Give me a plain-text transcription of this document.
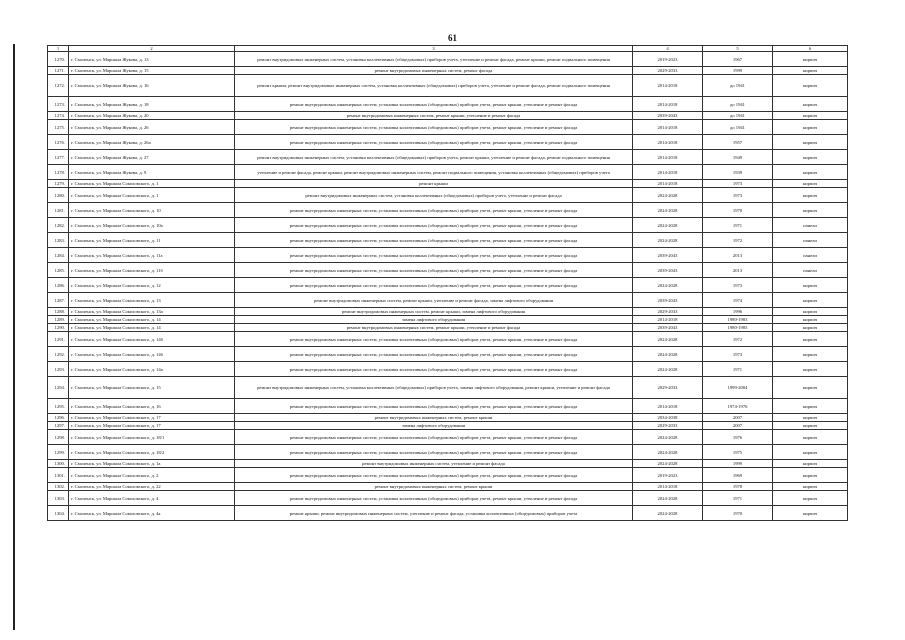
61
1	2	3	4	5	6
1270.	г. Смоленск, ул. Маршала Жукова, д. 13	ремонт внутридомовых инженерных систем, установка коллективных (общедомовых) приборов учета, утепление и ремонт фасада, ремонт крыши, ремонт подвального помещения	2019-2023	1967	кирпич
1271.	г. Смоленск, ул. Маршала Жукова, д. 15	ремонт внутридомовых инженерных систем, ремонт фасада	2029-2033	1999	кирпич
1272.	г. Смоленск, ул. Маршала Жукова, д. 16	ремонт крыши, ремонт внутридомовых инженерных систем, установка коллективных (общедомовых) приборов учета, утепление и ремонт фасада, ремонт подвального помещения	2014-2018	до 1941	кирпич
1273.	г. Смоленск, ул. Маршала Жукова, д. 18	ремонт внутридомовых инженерных систем, установка коллективных (общедомовых) приборов учета, ремонт крыши, утепление и ремонт фасада	2014-2018	до 1941	кирпич
1274.	г. Смоленск, ул. Маршала Жукова, д. 20	ремонт внутридомовых инженерных систем, ремонт крыши, утепление и ремонт фасада	2039-2043	до 1941	кирпич
1275.	г. Смоленск, ул. Маршала Жукова, д. 26	ремонт внутридомовых инженерных систем, установка коллективных (общедомовых) приборов учета, ремонт крыши, утепление и ремонт фасада	2014-2018	до 1941	кирпич
1276.	г. Смоленск, ул. Маршала Жукова, д. 26а	ремонт внутридомовых инженерных систем, установка коллективных (общедомовых) приборов учета, ремонт крыши, утепление и ремонт фасада	2014-2018	1957	кирпич
1277.	г. Смоленск, ул. Маршала Жукова, д. 27	ремонт внутридомовых инженерных систем, установка коллективных (общедомовых) приборов учета, ремонт крыши, утепление и ремонт фасада, ремонт подвального помещения	2014-2018	1949	кирпич
1278.	г. Смоленск, ул. Маршала Жукова, д. 9	утепление и ремонт фасада, ремонт крыши, ремонт внутридомовых инженерных систем, ремонт подвального помещения, установка коллективных (общедомовых) приборов учета	2014-2018	1939	кирпич
1279.	г. Смоленск, ул. Маршала Соколовского, д. 1	ремонт крыши	2014-2018	1973	кирпич
1280.	г. Смоленск, ул. Маршала Соколовского, д. 1	ремонт внутридомовых инженерных систем, установка коллективных (общедомовых) приборов учета, утепление и ремонт фасада	2024-2028	1973	кирпич
1281.	г. Смоленск, ул. Маршала Соколовского, д. 10	ремонт внутридомовых инженерных систем, установка коллективных (общедомовых) приборов учета, ремонт крыши, утепление и ремонт фасада	2024-2028	1970	кирпич
1282.	г. Смоленск, ул. Маршала Соколовского, д. 10а	ремонт внутридомовых инженерных систем, установка коллективных (общедомовых) приборов учета, ремонт крыши, утепление и ремонт фасада	2024-2028	1971	панели
1283.	г. Смоленск, ул. Маршала Соколовского, д. 11	ремонт внутридомовых инженерных систем, установка коллективных (общедомовых) приборов учета, ремонт крыши, утепление и ремонт фасада	2024-2028	1972	панели
1284.	г. Смоленск, ул. Маршала Соколовского, д. 11а	ремонт внутридомовых инженерных систем, установка коллективных (общедомовых) приборов учета, ремонт крыши, утепление и ремонт фасада	2039-2043	2013	панели
1285.	г. Смоленск, ул. Маршала Соколовского, д. 11б	ремонт внутридомовых инженерных систем, установка коллективных (общедомовых) приборов учета, ремонт крыши, утепление и ремонт фасада	2039-2043	2013	панели
1286.	г. Смоленск, ул. Маршала Соколовского, д. 12	ремонт внутридомовых инженерных систем, установка коллективных (общедомовых) приборов учета, ремонт крыши, утепление и ремонт фасада	2024-2028	1973	кирпич
1287.	г. Смоленск, ул. Маршала Соколовского, д. 13	ремонт внутридомовых инженерных систем, ремонт крыши, утепление и ремонт фасада, замена лифтового оборудования	2039-2043	1974	кирпич
1288.	г. Смоленск, ул. Маршала Соколовского, д. 13а	ремонт внутридомовых инженерных систем, ремонт крыши, замена лифтового оборудования	2029-2033	1996	кирпич
1289.	г. Смоленск, ул. Маршала Соколовского, д. 14	замена лифтового оборудования	2014-2018	1980-1983	кирпич
1290.	г. Смоленск, ул. Маршала Соколовского, д. 14	ремонт внутридомовых инженерных систем, ремонт крыши, утепление и ремонт фасада	2039-2043	1980-1983	кирпич
1291.	г. Смоленск, ул. Маршала Соколовского, д. 14б	ремонт внутридомовых инженерных систем, установка коллективных (общедомовых) приборов учета, ремонт крыши, утепление и ремонт фасада	2024-2028	1972	кирпич
1292.	г. Смоленск, ул. Маршала Соколовского, д. 14б	ремонт внутридомовых инженерных систем, установка коллективных (общедомовых) приборов учета, ремонт крыши, утепление и ремонт фасада	2024-2028	1973	кирпич
1293.	г. Смоленск, ул. Маршала Соколовского, д. 14а	ремонт внутридомовых инженерных систем, установка коллективных (общедомовых) приборов учета, ремонт крыши, утепление и ремонт фасада	2024-2028	1971	кирпич
1294.	г. Смоленск, ул. Маршала Соколовского, д. 15	ремонт внутридомовых инженерных систем, установка коллективных (общедомовых) приборов учета, замена лифтового оборудования, ремонт крыши, утепление и ремонт фасада	2029-2033	1999-2004	кирпич
1295.	г. Смоленск, ул. Маршала Соколовского, д. 16	ремонт внутридомовых инженерных систем, установка коллективных (общедомовых) приборов учета, ремонт крыши, утепление и ремонт фасада	2014-2018	1974-1976	кирпич
1296.	г. Смоленск, ул. Маршала Соколовского, д. 17	ремонт внутридомовых инженерных систем, ремонт крыши	2034-2038	2007	кирпич
1297.	г. Смоленск, ул. Маршала Соколовского, д. 17	замена лифтового оборудования	2029-2033	2007	кирпич
1298.	г. Смоленск, ул. Маршала Соколовского, д. 18/1	ремонт внутридомовых инженерных систем, установка коллективных (общедомовых) приборов учета, ремонт крыши, утепление и ремонт фасада	2024-2028	1976	кирпич
1299.	г. Смоленск, ул. Маршала Соколовского, д. 18/2	ремонт внутридомовых инженерных систем, установка коллективных (общедомовых) приборов учета, ремонт крыши, утепление и ремонт фасада	2024-2028	1975	кирпич
1300.	г. Смоленск, ул. Маршала Соколовского, д. 1а	ремонт внутридомовых инженерных систем, утепление и ремонт фасада	2024-2028	1999	кирпич
1301.	г. Смоленск, ул. Маршала Соколовского, д. 2	ремонт внутридомовых инженерных систем, установка коллективных (общедомовых) приборов учета, ремонт крыши, утепление и ремонт фасада	2019-2023	1969	кирпич
1302.	г. Смоленск, ул. Маршала Соколовского, д. 22	ремонт внутридомовых инженерных систем, ремонт крыши	2014-2018	1978	кирпич
1303.	г. Смоленск, ул. Маршала Соколовского, д. 4	ремонт внутридомовых инженерных систем, установка коллективных (общедомовых) приборов учета, ремонт крыши, утепление и ремонт фасада	2024-2028	1971	кирпич
1304.	г. Смоленск, ул. Маршала Соколовского, д. 4а	ремонт крыши, ремонт внутридомовых инженерных систем, утепление и ремонт фасада, установка коллективных (общедомовых) приборов учета	2024-2028	1970	кирпич
